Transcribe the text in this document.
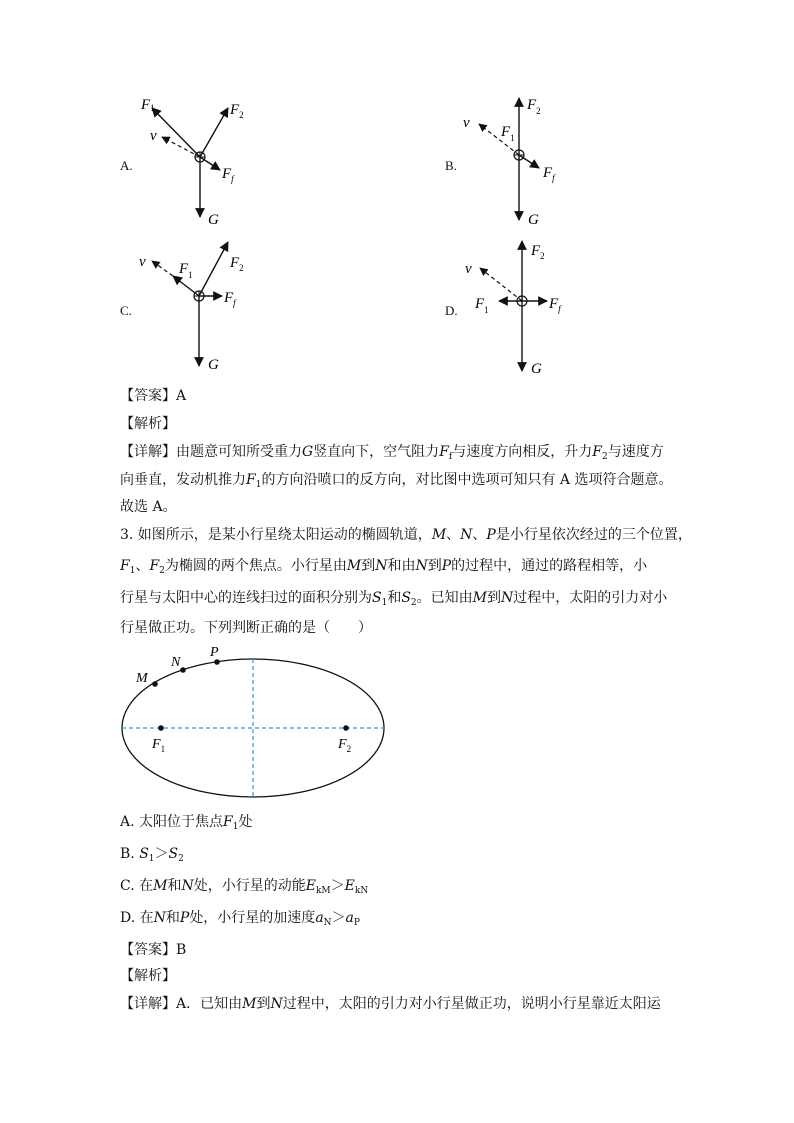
A.
F1	$F_2$
v
$F_f$
G
B.
$F_2$
v
$F_1$
$F_f$
G
C.
$F_2$
v $F_1$
$F_f$
G
D.
$F_2$
v
$F_1$	$F_f$
G
【答案】A
【解析】
【详解】由题意可知所受重力G竖直向下，空气阻力$F_f$与速度方向相反，升力$F_2$与速度方
向垂直，发动机推力$F_1$的方向沿喷口的反方向，对比图中选项可知只有 A 选项符合题意。
故选 A。
3. 如图所示，是某小行星绕太阳运动的椭圆轨道，M、N、P是小行星依次经过的三个位置，
$F_1$、$F_2$为椭圆的两个焦点。小行星由M到N和由N到P的过程中，通过的路程相等，小
行星与太阳中心的连线扫过的面积分别为$S_1$和$S_2$。已知由M到N过程中，太阳的引力对小
行星做正功。下列判断正确的是（　　）
M
N
P
$F_1$	$F_2$
A. 太阳位于焦点$F_1$处
B. $S_1>S_2$
C. 在M和N处，小行星的动能$E_{kM}>E_{kN}$
D. 在N和P处，小行星的加速度$a_N>a_P$
【答案】B
【解析】
【详解】A．已知由M到N过程中，太阳的引力对小行星做正功，说明小行星靠近太阳运
